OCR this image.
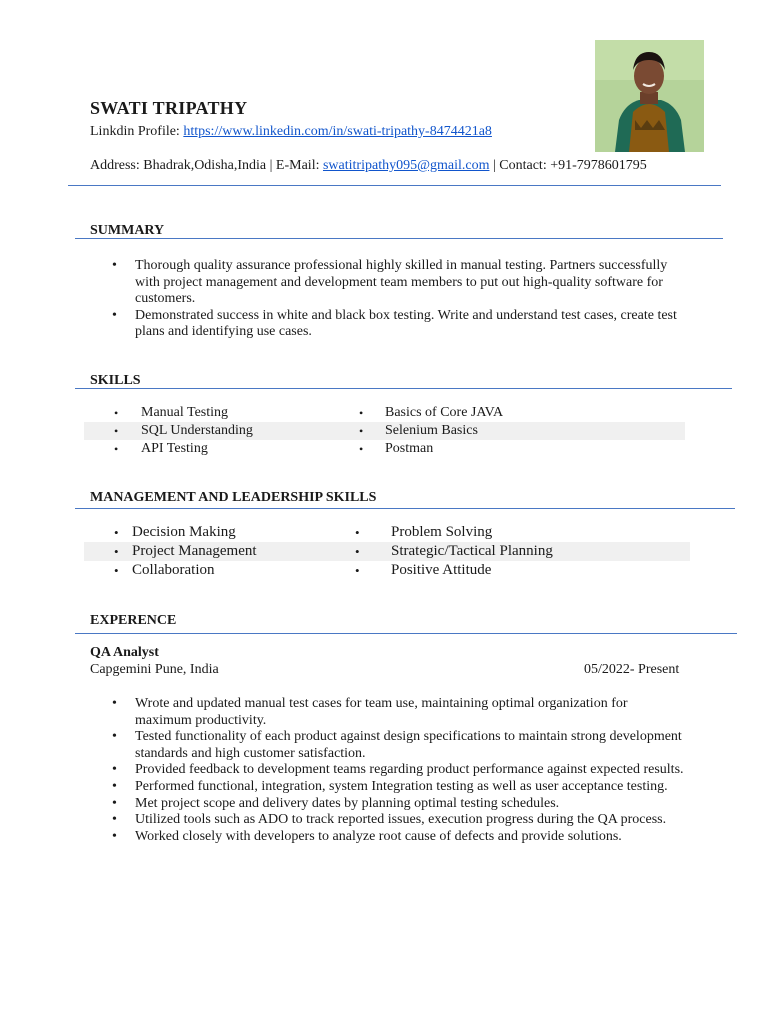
SWATI TRIPATHY
Linkdin Profile: https://www.linkedin.com/in/swati-tripathy-8474421a8
Address: Bhadrak,Odisha,India | E-Mail: swatitripathy095@gmail.com | Contact: +91-7978601795
SUMMARY
• Thorough quality assurance professional highly skilled in manual testing. Partners successfully
with project management and development team members to put out high-quality software for
customers.
• Demonstrated success in white and black box testing. Write and understand test cases, create test
plans and identifying use cases.
SKILLS
• Manual Testing	• Basics of Core JAVA
• SQL Understanding	• Selenium Basics
• API Testing	• Postman
MANAGEMENT AND LEADERSHIP SKILLS
• Decision Making	• Problem Solving
• Project Management	• Strategic/Tactical Planning
• Collaboration	• Positive Attitude
EXPERENCE
QA Analyst
Capgemini Pune, India	05/2022- Present
• Wrote and updated manual test cases for team use, maintaining optimal organization for
maximum productivity.
• Tested functionality of each product against design specifications to maintain strong development
standards and high customer satisfaction.
• Provided feedback to development teams regarding product performance against expected results.
• Performed functional, integration, system Integration testing as well as user acceptance testing.
• Met project scope and delivery dates by planning optimal testing schedules.
• Utilized tools such as ADO to track reported issues, execution progress during the QA process.
• Worked closely with developers to analyze root cause of defects and provide solutions.
